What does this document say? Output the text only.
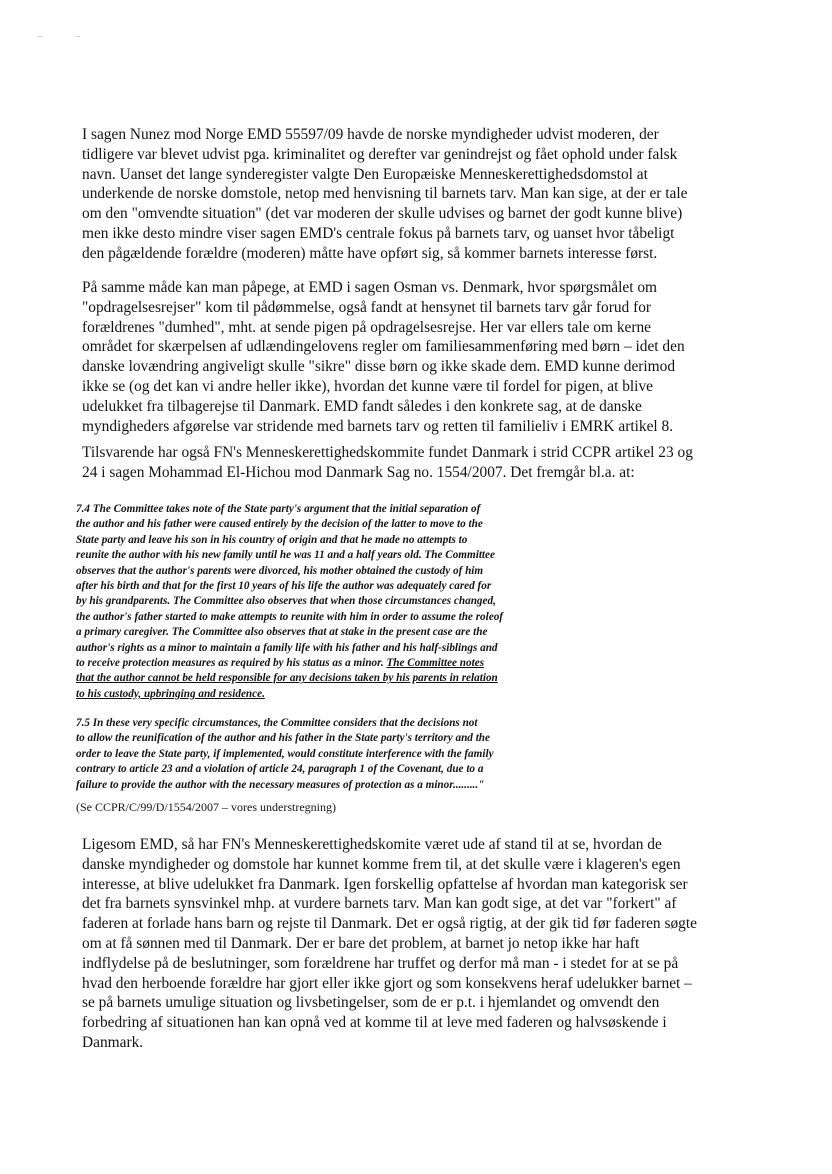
I sagen Nunez mod Norge EMD 55597/09 havde de norske myndigheder udvist moderen, der
tidligere var blevet udvist pga. kriminalitet og derefter var genindrejst og fået ophold under falsk
navn. Uanset det lange synderegister valgte Den Europæiske Menneskerettighedsdomstol at
underkende de norske domstole, netop med henvisning til barnets tarv. Man kan sige, at der er tale
om den "omvendte situation" (det var moderen der skulle udvises og barnet der godt kunne blive)
men ikke desto mindre viser sagen EMD's centrale fokus på barnets tarv, og uanset hvor tåbeligt
den pågældende forældre (moderen) måtte have opført sig, så kommer barnets interesse først.
På samme måde kan man påpege, at EMD i sagen Osman vs. Denmark, hvor spørgsmålet om
"opdragelsesrejser" kom til pådømmelse, også fandt at hensynet til barnets tarv går forud for
forældrenes "dumhed", mht. at sende pigen på opdragelsesrejse. Her var ellers tale om kerne
området for skærpelsen af udlændingelovens regler om familiesammenføring med børn – idet den
danske lovændring angiveligt skulle "sikre" disse børn og ikke skade dem. EMD kunne derimod
ikke se (og det kan vi andre heller ikke), hvordan det kunne være til fordel for pigen, at blive
udelukket fra tilbagerejse til Danmark. EMD fandt således i den konkrete sag, at de danske
myndigheders afgørelse var stridende med barnets tarv og retten til familieliv i EMRK artikel 8.
Tilsvarende har også FN's Menneskerettighedskommite fundet Danmark i strid CCPR artikel 23 og
24 i sagen Mohammad El-Hichou mod Danmark Sag no. 1554/2007. Det fremgår bl.a. at:
7.4 The Committee takes note of the State party's argument that the initial separation of
the author and his father were caused entirely by the decision of the latter to move to the
State party and leave his son in his country of origin and that he made no attempts to
reunite the author with his new family until he was 11 and a half years old. The Committee
observes that the author's parents were divorced, his mother obtained the custody of him
after his birth and that for the first 10 years of his life the author was adequately cared for
by his grandparents. The Committee also observes that when those circumstances changed,
the author's father started to make attempts to reunite with him in order to assume the roleof
a primary caregiver. The Committee also observes that at stake in the present case are the
author's rights as a minor to maintain a family life with his father and his half-siblings and
to receive protection measures as required by his status as a minor. The Committee notes
that the author cannot be held responsible for any decisions taken by his parents in relation
to his custody, upbringing and residence.
7.5 In these very specific circumstances, the Committee considers that the decisions not
to allow the reunification of the author and his father in the State party's territory and the
order to leave the State party, if implemented, would constitute interference with the family
contrary to article 23 and a violation of article 24, paragraph 1 of the Covenant, due to a
failure to provide the author with the necessary measures of protection as a minor........."
(Se CCPR/C/99/D/1554/2007 – vores understregning)
Ligesom EMD, så har FN's Menneskerettighedskomite været ude af stand til at se, hvordan de
danske myndigheder og domstole har kunnet komme frem til, at det skulle være i klageren's egen
interesse, at blive udelukket fra Danmark. Igen forskellig opfattelse af hvordan man kategorisk ser
det fra barnets synsvinkel mhp. at vurdere barnets tarv. Man kan godt sige, at det var "forkert" af
faderen at forlade hans barn og rejste til Danmark. Det er også rigtig, at der gik tid før faderen søgte
om at få sønnen med til Danmark. Der er bare det problem, at barnet jo netop ikke har haft
indflydelse på de beslutninger, som forældrene har truffet og derfor må man - i stedet for at se på
hvad den herboende forældre har gjort eller ikke gjort og som konsekvens heraf udelukker barnet –
se på barnets umulige situation og livsbetingelser, som de er p.t. i hjemlandet og omvendt den
forbedring af situationen han kan opnå ved at komme til at leve med faderen og halvsøskende i
Danmark.
